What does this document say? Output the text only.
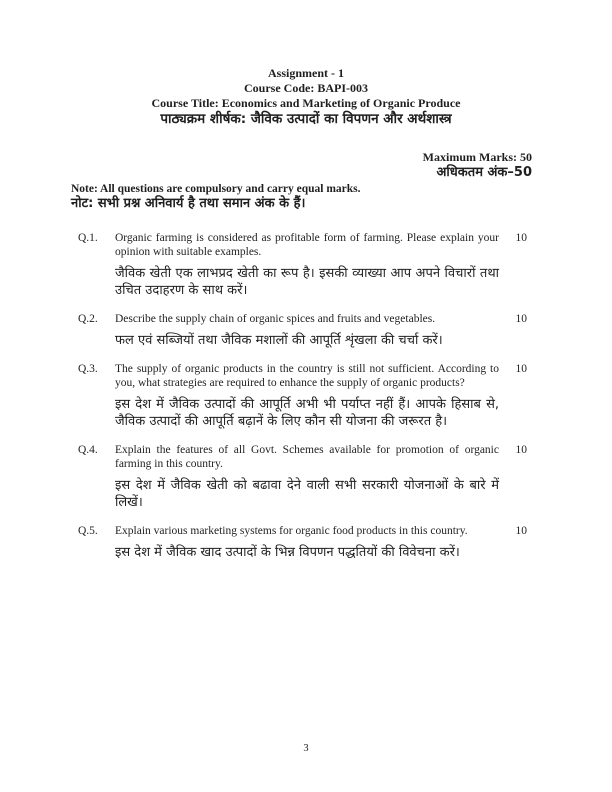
Assignment - 1
Course Code: BAPI-003
Course Title: Economics and Marketing of Organic Produce
पाठ्यक्रम शीर्षक: जैविक उत्पादों का विपणन और अर्थशास्त्र
Maximum Marks: 50
अधिकतम अंक–50
Note: All questions are compulsory and carry equal marks.
नोट: सभी प्रश्न अनिवार्य है तथा समान अंक के हैं।
Q.1.	Organic farming is considered as profitable form of farming. Please explain your opinion with suitable examples.
जैविक खेती एक लाभप्रद खेती का रूप है। इसकी व्याख्या आप अपने विचारों तथा उचित उदाहरण के साथ करें।
10
Q.2.	Describe the supply chain of organic spices and fruits and vegetables.
फल एवं सब्जियों तथा जैविक मशालों की आपूर्ति शृंखला की चर्चा करें।
10
Q.3.	The supply of organic products in the country is still not sufficient. According to you, what strategies are required to enhance the supply of organic products?
इस देश में जैविक उत्पादों की आपूर्ति अभी भी पर्याप्त नहीं हैं। आपके हिसाब से, जैविक उत्पादों की आपूर्ति बढ़ानें के लिए कौन सी योजना की जरूरत है।
10
Q.4.	Explain the features of all Govt. Schemes available for promotion of organic farming in this country.
इस देश में जैविक खेती को बढावा देने वाली सभी सरकारी योजनाओं के बारे में लिखें।
10
Q.5.	Explain various marketing systems for organic food products in this country.
इस देश में जैविक खाद उत्पादों के भिन्न विपणन पद्धतियों की विवेचना करें।
10
3
